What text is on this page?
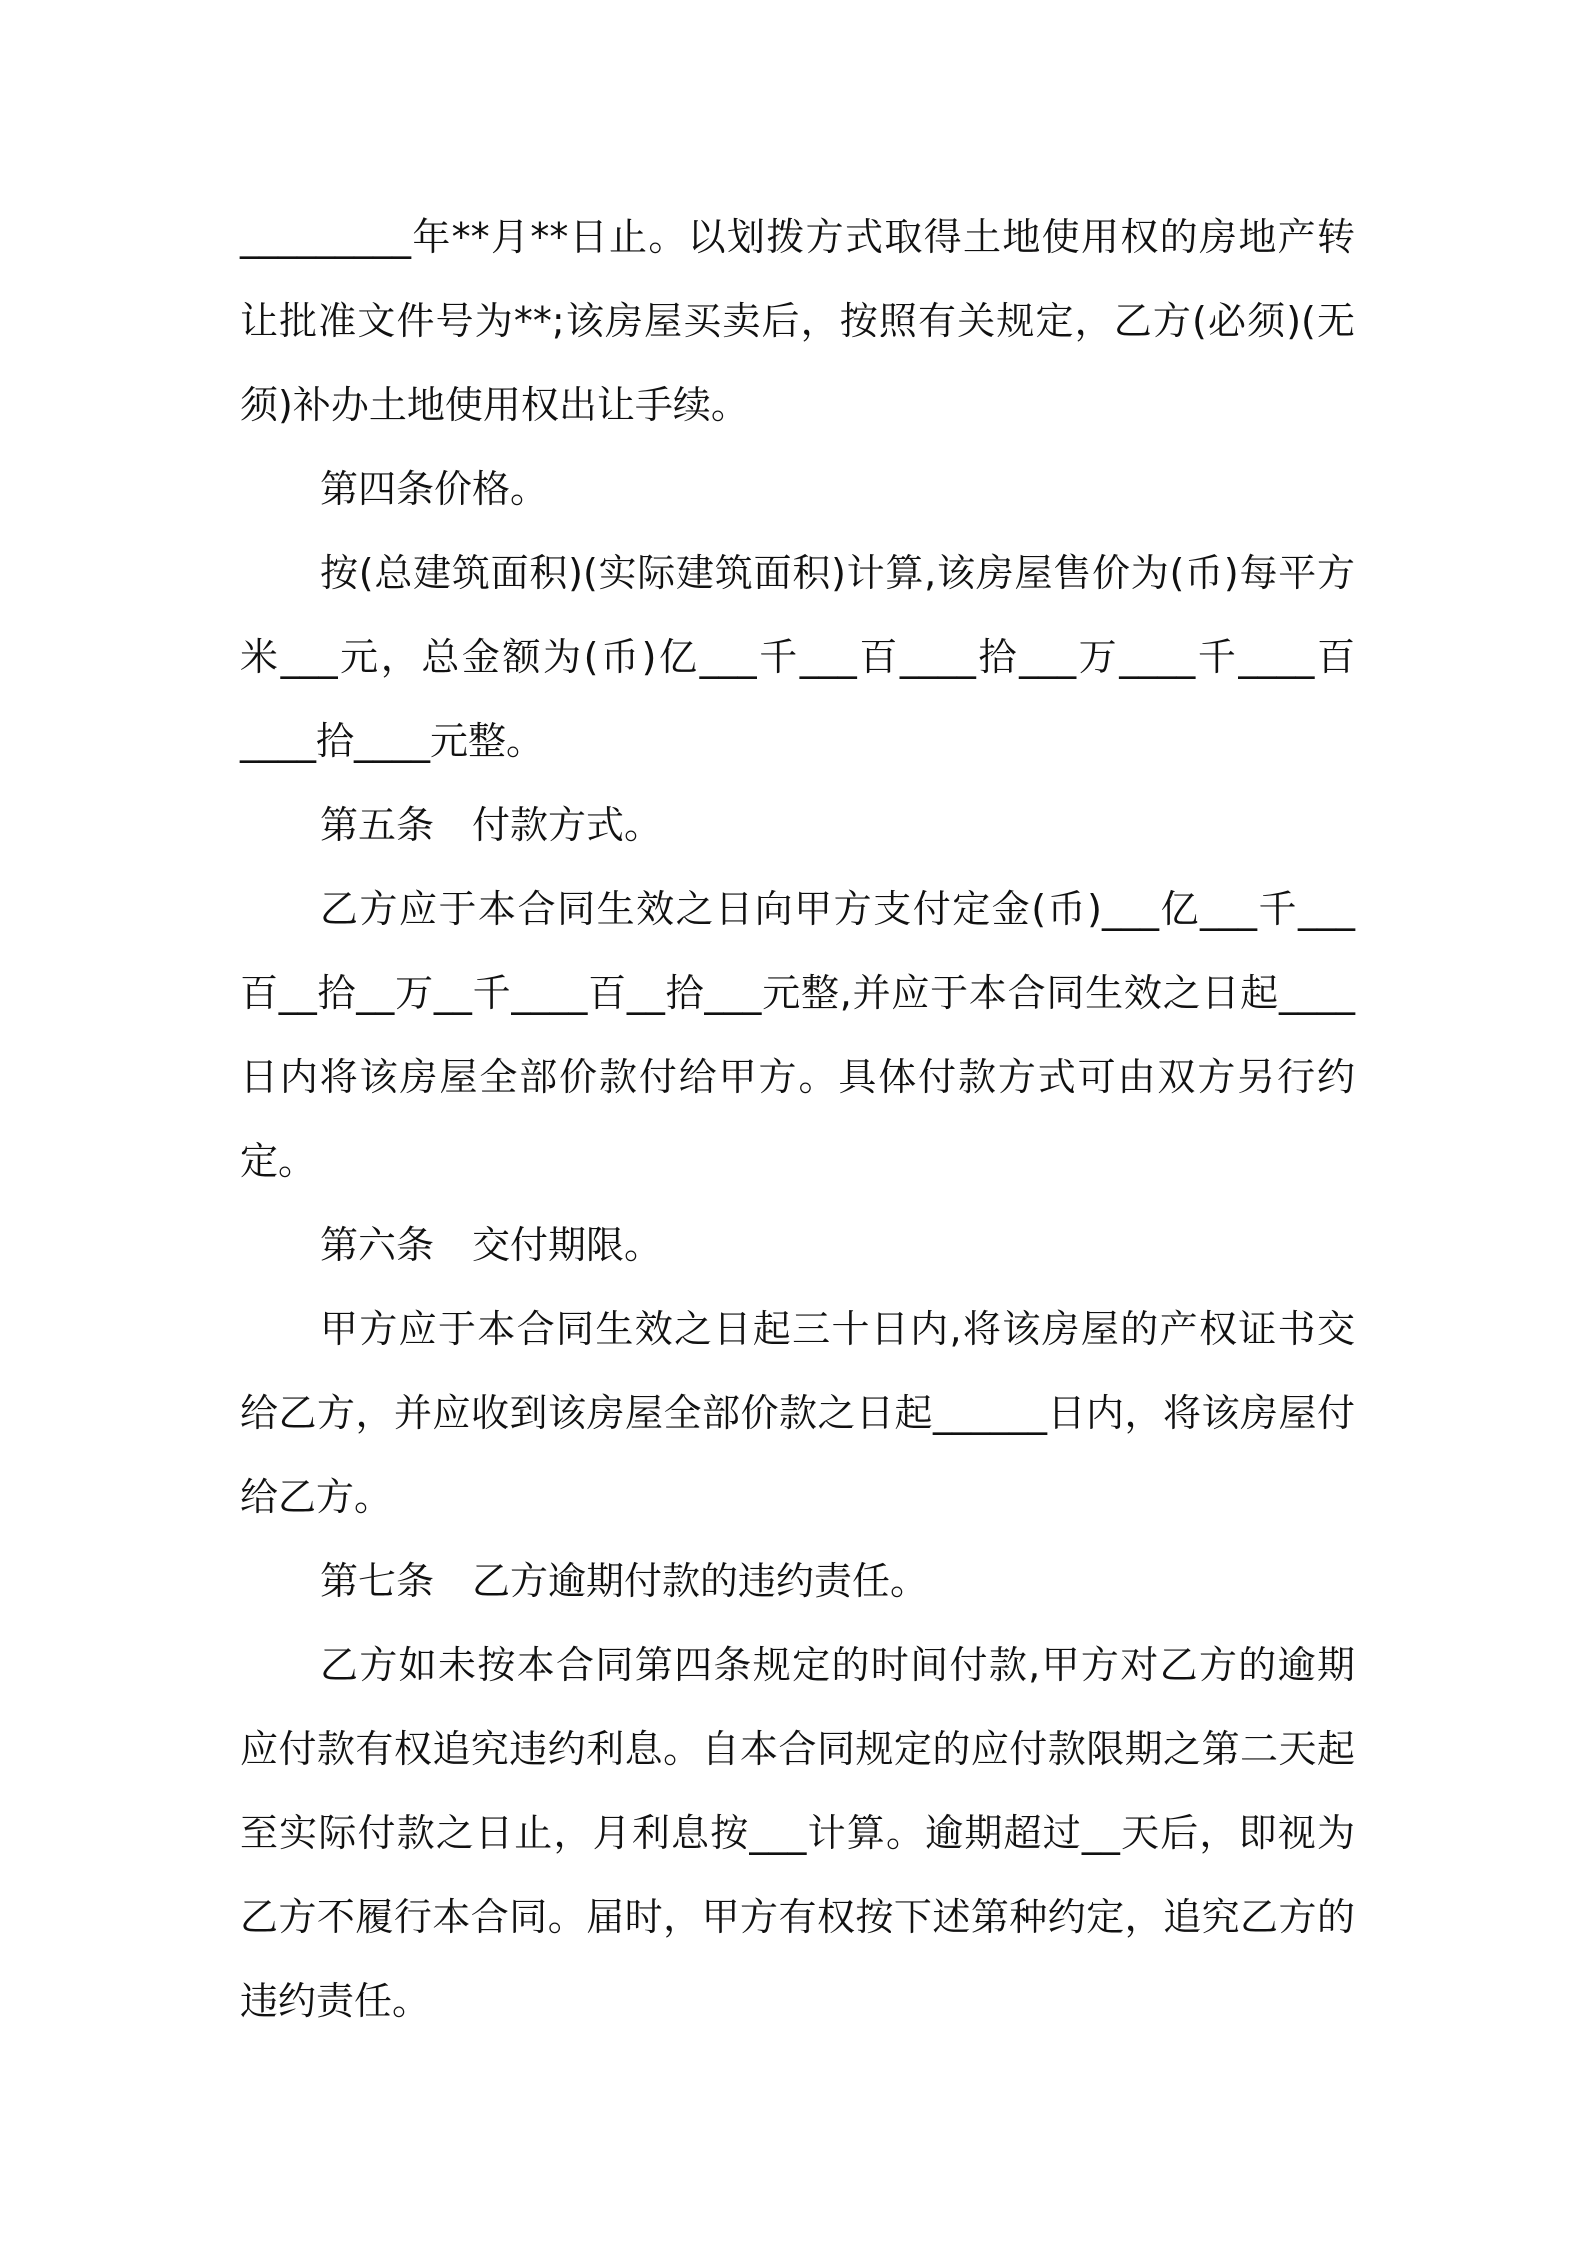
_________年**月**日止。以划拨方式取得土地使用权的房地产转让批准文件号为**;该房屋买卖后，按照有关规定，乙方(必须)(无须)补办土地使用权出让手续。

第四条价格。

按(总建筑面积)(实际建筑面积)计算,该房屋售价为(币)每平方米___元，总金额为(币)亿___千___百____拾___万____千____百____拾____元整。

第五条　付款方式。

乙方应于本合同生效之日向甲方支付定金(币)___亿___千___百__拾__万__千____百__拾___元整,并应于本合同生效之日起____日内将该房屋全部价款付给甲方。具体付款方式可由双方另行约定。

第六条　交付期限。

甲方应于本合同生效之日起三十日内,将该房屋的产权证书交给乙方，并应收到该房屋全部价款之日起______日内，将该房屋付给乙方。

第七条　乙方逾期付款的违约责任。

乙方如未按本合同第四条规定的时间付款,甲方对乙方的逾期应付款有权追究违约利息。自本合同规定的应付款限期之第二天起至实际付款之日止，月利息按___计算。逾期超过__天后，即视为乙方不履行本合同。届时，甲方有权按下述第种约定，追究乙方的违约责任。
